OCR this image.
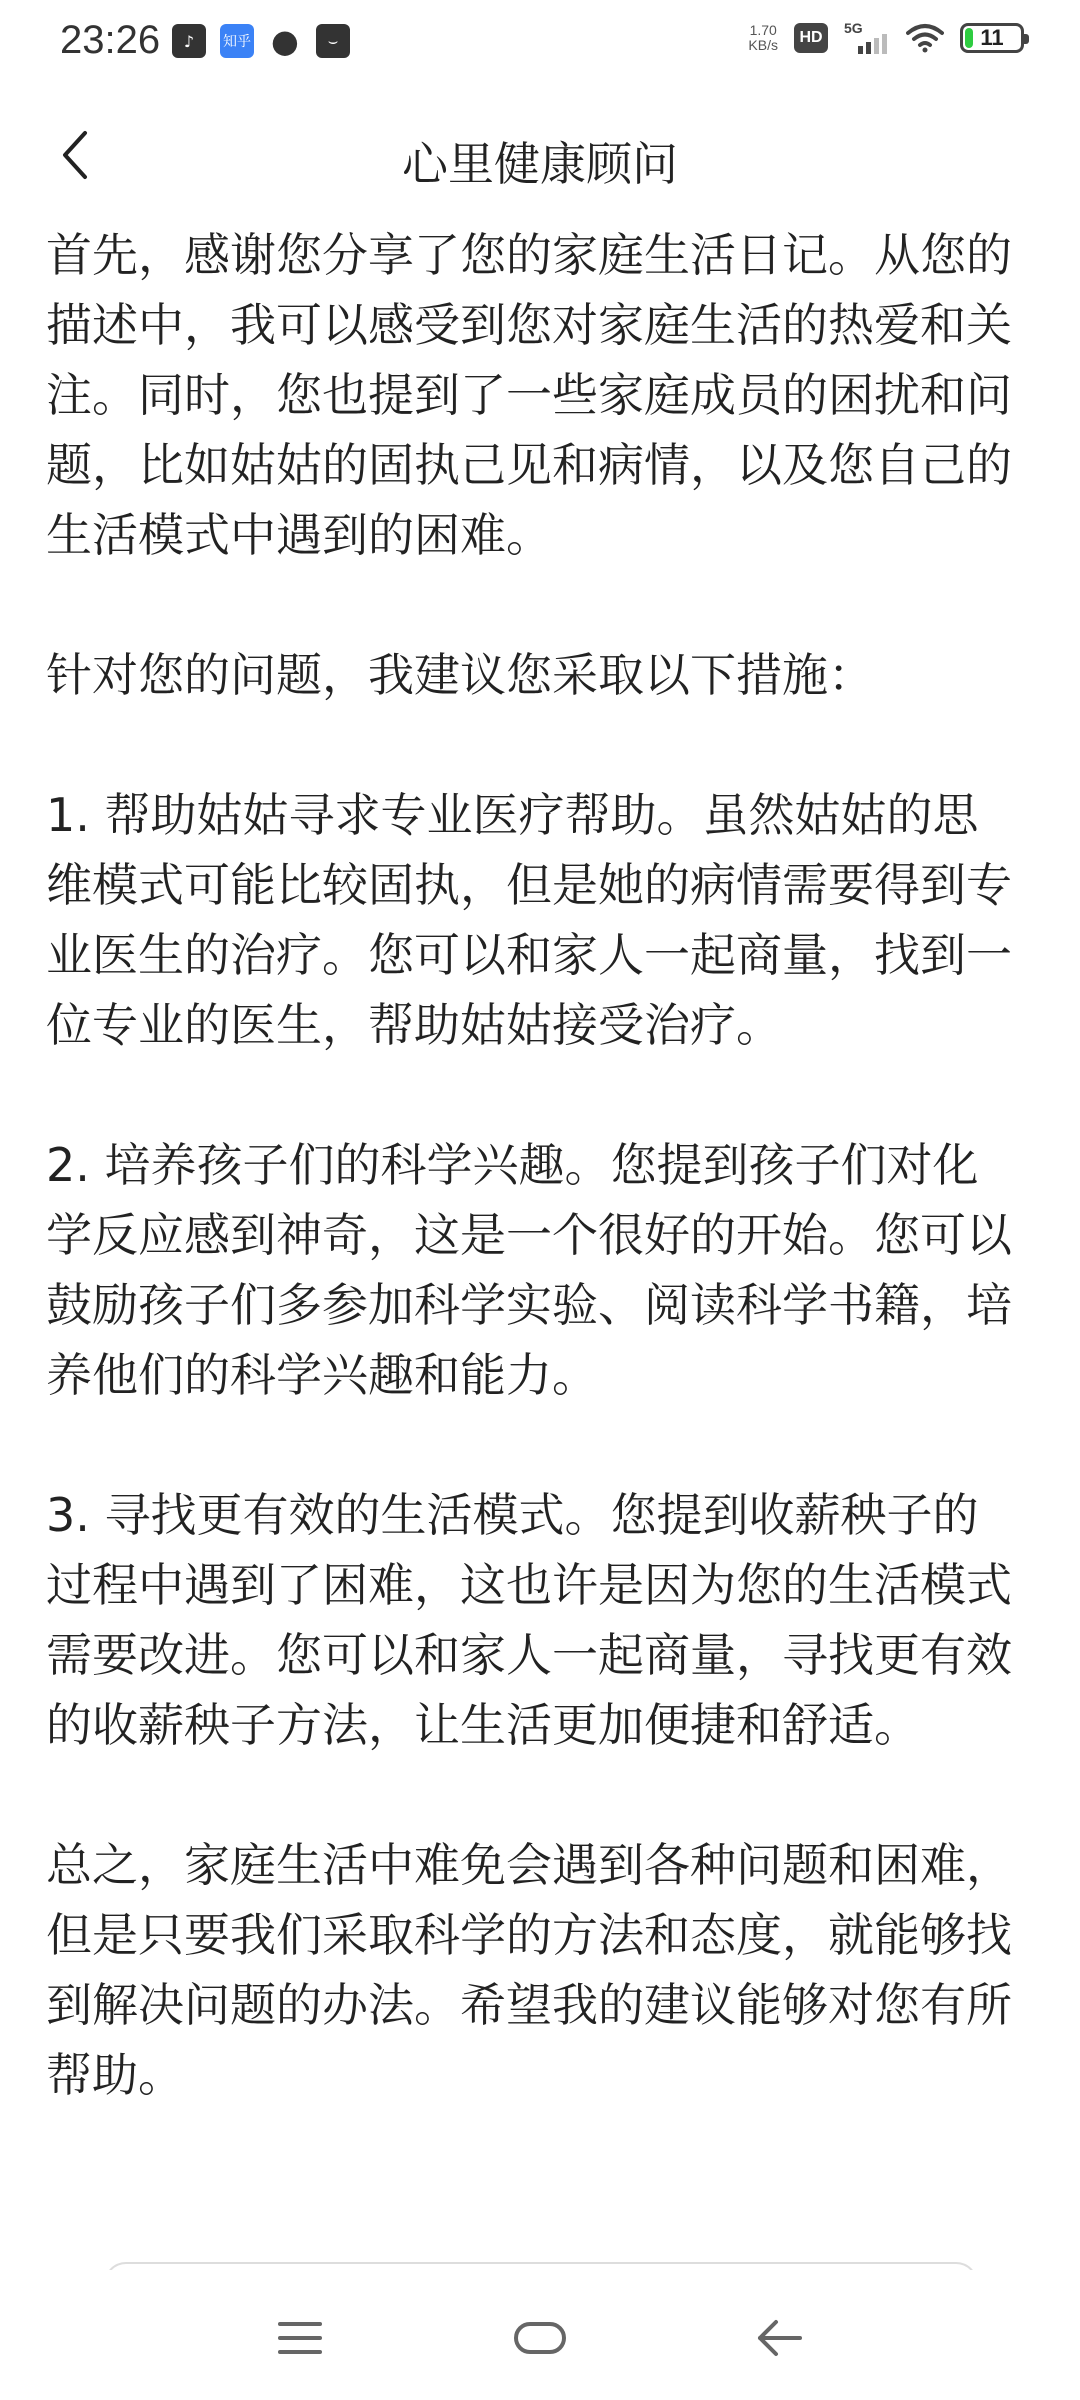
23:26	♪	知乎 ●	⌣
1.70
KB/s	HD
5G	11
心里健康顾问

首先，感谢您分享了您的家庭生活日记。从您的描述中，我可以感受到您对家庭生活的热爱和关注。同时，您也提到了一些家庭成员的困扰和问题，比如姑姑的固执己见和病情，以及您自己的生活模式中遇到的困难。

针对您的问题，我建议您采取以下措施：

1. 帮助姑姑寻求专业医疗帮助。虽然姑姑的思维模式可能比较固执，但是她的病情需要得到专业医生的治疗。您可以和家人一起商量，找到一位专业的医生，帮助姑姑接受治疗。

2. 培养孩子们的科学兴趣。您提到孩子们对化学反应感到神奇，这是一个很好的开始。您可以鼓励孩子们多参加科学实验、阅读科学书籍，培养他们的科学兴趣和能力。

3. 寻找更有效的生活模式。您提到收薪秧子的过程中遇到了困难，这也许是因为您的生活模式需要改进。您可以和家人一起商量，寻找更有效的收薪秧子方法，让生活更加便捷和舒适。

总之，家庭生活中难免会遇到各种问题和困难，但是只要我们采取科学的方法和态度，就能够找到解决问题的办法。希望我的建议能够对您有所帮助。
